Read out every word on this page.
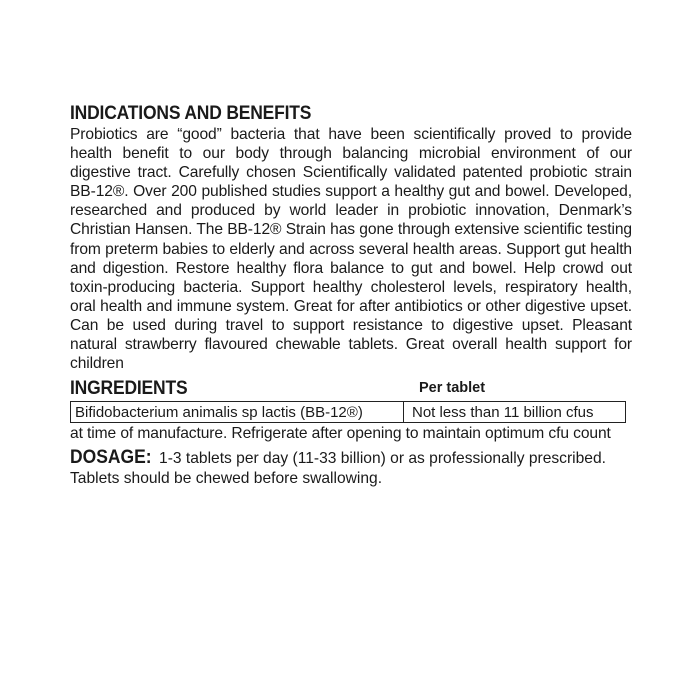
INDICATIONS AND BENEFITS

Probiotics are “good” bacteria that have been scientifically proved to provide health benefit to our body through balancing microbial environment of our digestive tract. Carefully chosen Scientifically validated patented probiotic strain BB-12®. Over 200 published studies support a healthy gut and bowel. Developed, researched and produced by world leader in probiotic innovation, Denmark’s Christian Hansen. The BB-12® Strain has gone through extensive scientific testing from preterm babies to elderly and across several health areas. Support gut health and digestion. Restore healthy flora balance to gut and bowel. Help crowd out toxin-producing bacteria. Support healthy cholesterol levels, respiratory health, oral health and immune system. Great for after antibiotics or other digestive upset. Can be used during travel to support resistance to digestive upset. Pleasant natural strawberry flavoured chewable tablets. Great overall health support for children

INGREDIENTS	Per tablet
Bifidobacterium animalis sp lactis (BB-12®)	Not less than 11 billion cfus

at time of manufacture. Refrigerate after opening to maintain optimum cfu count

DOSAGE: 1-3 tablets per day (11-33 billion) or as professionally prescribed. Tablets should be chewed before swallowing.
